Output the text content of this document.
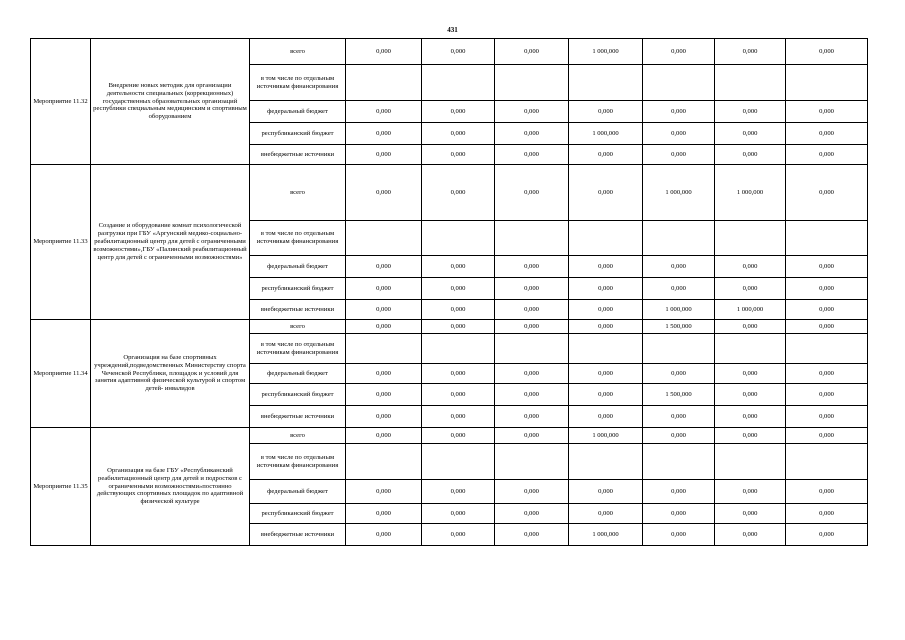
431
Мероприятие 11.32	Внедрение новых методик для организации деятельности специальных (коррекционных) государственных образовательных организаций республики специальным медицинским и спортивным оборудованием	всего	0,000	0,000	0,000	1 000,000	0,000	0,000	0,000
		в том числе по отдельным источникам финансирования							
		федеральный бюджет	0,000	0,000	0,000	0,000	0,000	0,000	0,000
		республиканский бюджет	0,000	0,000	0,000	1 000,000	0,000	0,000	0,000
		внебюджетные источники	0,000	0,000	0,000	0,000	0,000	0,000	0,000
Мероприятие 11.33	Создание и оборудование комнат психологической разгрузки при ГБУ «Аргунский медико-социально-реабилитационный центр для детей с ограниченными возможностями»,ГБУ «Палинский реабилитационный центр для детей с ограниченными возможностями»	всего	0,000	0,000	0,000	0,000	1 000,000	1 000,000	0,000
		в том числе по отдельным источникам финансирования							
		федеральный бюджет	0,000	0,000	0,000	0,000	0,000	0,000	0,000
		республиканский бюджет	0,000	0,000	0,000	0,000	0,000	0,000	0,000
		внебюджетные источники	0,000	0,000	0,000	0,000	1 000,000	1 000,000	0,000
Мероприятие 11.34	Организация на базе спортивных учреждений,подведомственных Министерству спорта Чеченской Республики, площадок и условий для занятия адаптивной физической культурой и спортом детей- инвалидов	всего	0,000	0,000	0,000	0,000	1 500,000	0,000	0,000
		в том числе по отдельным источникам финансирования							
		федеральный бюджет	0,000	0,000	0,000	0,000	0,000	0,000	0,000
		республиканский бюджет	0,000	0,000	0,000	0,000	1 500,000	0,000	0,000
		внебюджетные источники	0,000	0,000	0,000	0,000	0,000	0,000	0,000
Мероприятие 11.35	Организация на базе ГБУ «Республиканский реабилитационный центр для детей и подростков с ограниченными возможностями»постоянно действующих спортивных площадок по адаптивной физической культуре	всего	0,000	0,000	0,000	1 000,000	0,000	0,000	0,000
		в том числе по отдельным источникам финансирования							
		федеральный бюджет	0,000	0,000	0,000	0,000	0,000	0,000	0,000
		республиканский бюджет	0,000	0,000	0,000	0,000	0,000	0,000	0,000
		внебюджетные источники	0,000	0,000	0,000	1 000,000	0,000	0,000	0,000
